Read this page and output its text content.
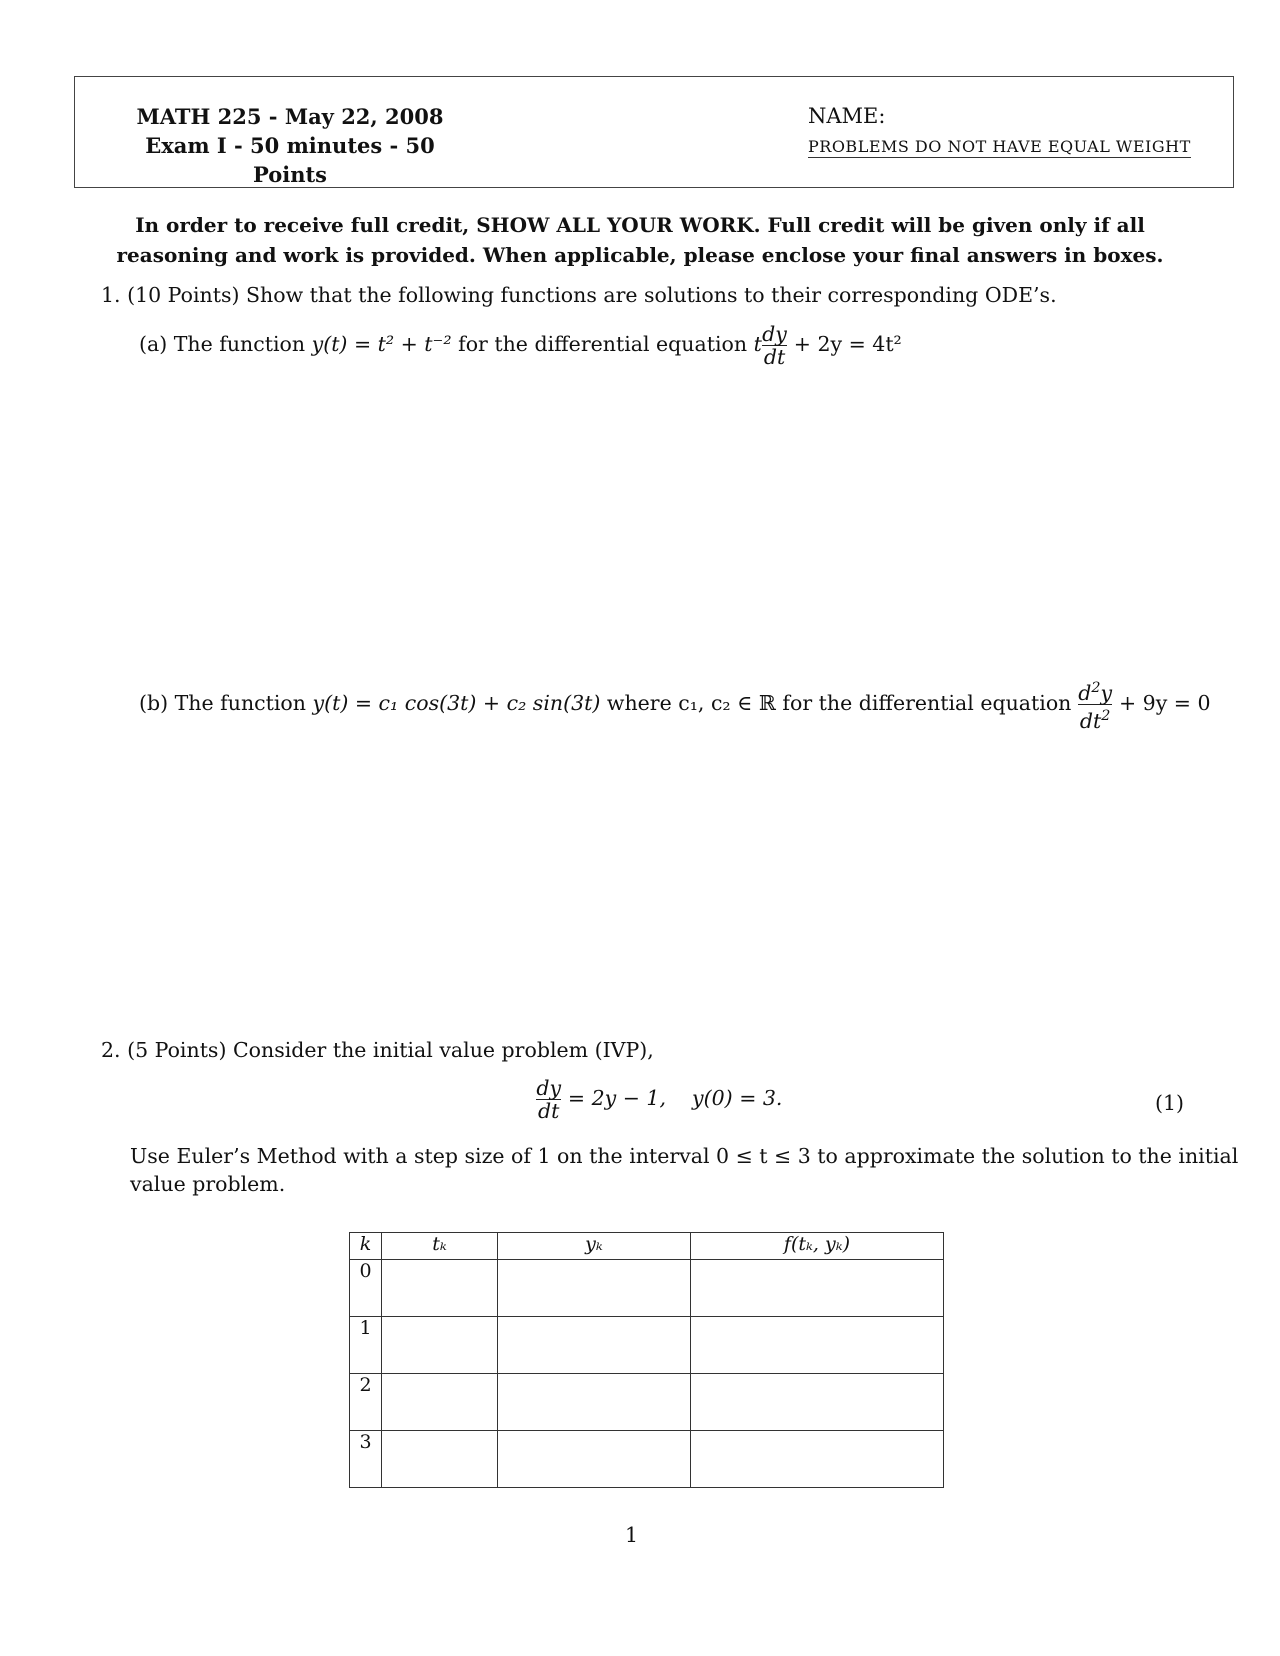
MATH 225 - May 22, 2008
Exam I - 50 minutes - 50 Points
NAME:
PROBLEMS DO NOT HAVE EQUAL WEIGHT
In order to receive full credit, SHOW ALL YOUR WORK. Full credit will be given only if all
reasoning and work is provided. When applicable, please enclose your final answers in boxes.
1. (10 Points) Show that the following functions are solutions to their corresponding ODE’s.
(a) The function y(t) = t² + t⁻² for the differential equation t $\frac{dy}{dt} + 2y = 4t^2$
(b) The function y(t) = c₁ cos(3t) + c₂ sin(3t) where c₁, c₂ ∈ ℝ for the differential equation $\frac{d^2y}{dt^2} + 9y = 0$
2. (5 Points) Consider the initial value problem (IVP),
$\frac{dy}{dt} = 2y - 1$,    y(0) = 3.	(1)
Use Euler’s Method with a step size of 1 on the interval 0 ≤ t ≤ 3 to approximate the solution to the initial
value problem.
k	tₖ	yₖ	f(tₖ, yₖ)
0			
1			
2			
3			
1
